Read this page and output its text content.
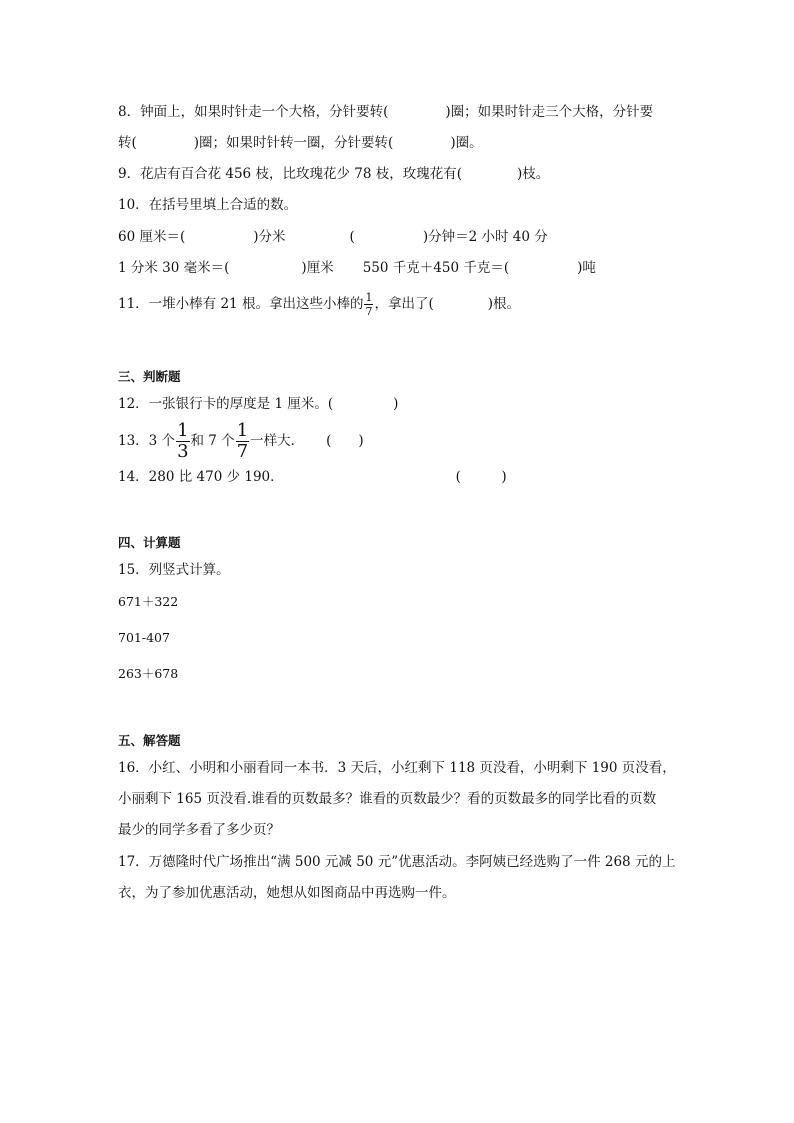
8．钟面上，如果时针走一个大格，分针要转(	)圈；如果时针走三个大格，分针要
转(	)圈；如果时针转一圈，分针要转(	)圈。
9．花店有百合花 456 枝，比玫瑰花少 78 枝，玫瑰花有(	)枝。
10．在括号里填上合适的数。
60 厘米＝(	)分米	(	)分钟＝2 小时 40 分
1 分米 30 毫米＝(	)厘米 550 千克＋450 千克＝(	)吨
11．一堆小棒有 21 根。拿出这些小棒的 $\frac{1}{7}$ ，拿出了(	)根。
三、判断题
12．一张银行卡的厚度是 1 厘米。(	)
13．3 个 $\frac{1}{3}$ 和 7 个 $\frac{1}{7}$ 一样大． (　　)
14．280 比 470 少 190．	(　　　)
四、计算题
15．列竖式计算。
671＋322
701-407
263＋678
五、解答题
16．小红、小明和小丽看同一本书．3 天后，小红剩下 118 页没看，小明剩下 190 页没看，
小丽剩下 165 页没看.谁看的页数最多？谁看的页数最少？看的页数最多的同学比看的页数
最少的同学多看了多少页？
17．万德隆时代广场推出“满 500 元减 50 元”优惠活动。李阿姨已经选购了一件 268 元的上
衣，为了参加优惠活动，她想从如图商品中再选购一件。
